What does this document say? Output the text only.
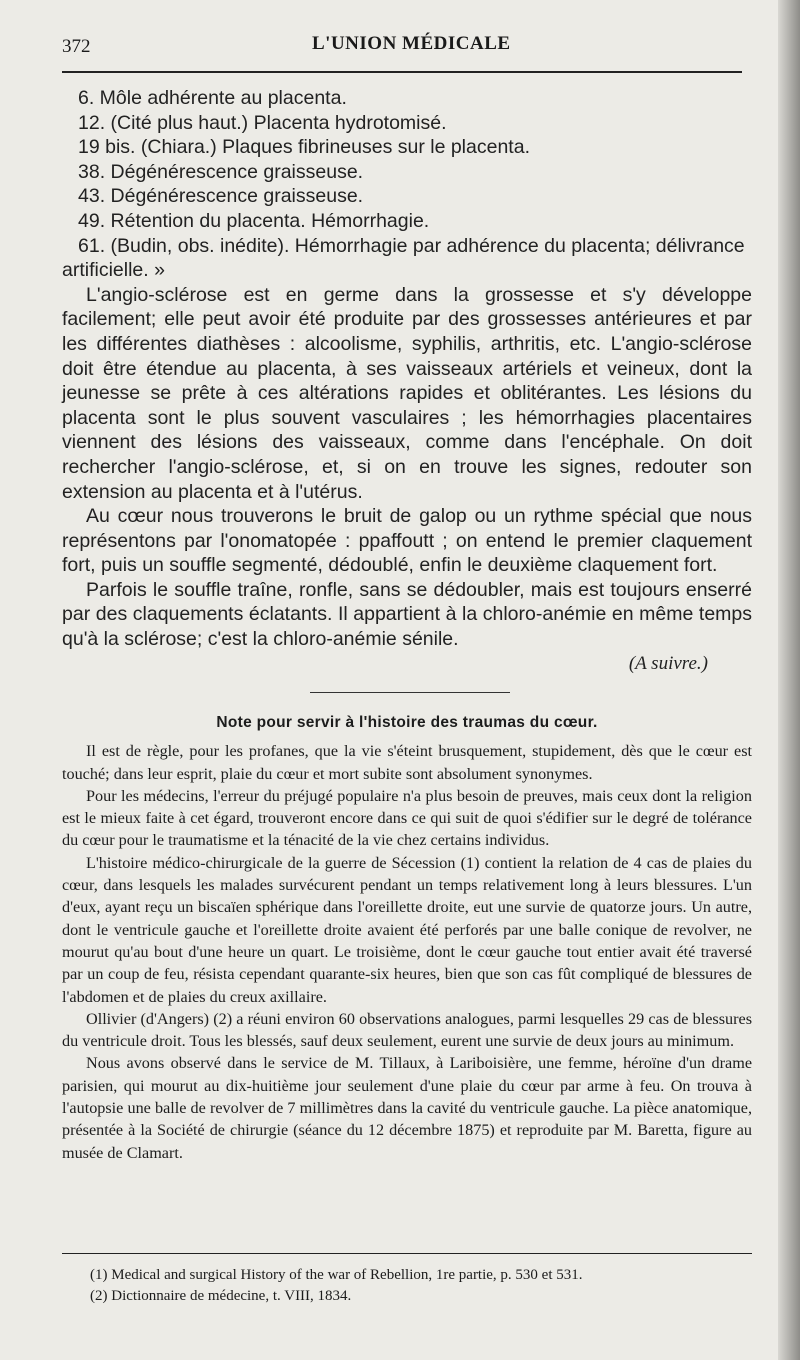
372	L'UNION MÉDICALE

6. Môle adhérente au placenta.

12. (Cité plus haut.) Placenta hydrotomisé.

19 bis. (Chiara.) Plaques fibrineuses sur le placenta.

38. Dégénérescence graisseuse.

43. Dégénérescence graisseuse.

49. Rétention du placenta. Hémorrhagie.

61. (Budin, obs. inédite). Hémorrhagie par adhérence du placenta; délivrance artificielle. »

L'angio-sclérose est en germe dans la grossesse et s'y développe facilement; elle peut avoir été produite par des grossesses antérieures et par les différentes diathèses : alcoolisme, syphilis, arthritis, etc. L'angio-sclérose doit être étendue au placenta, à ses vaisseaux artériels et veineux, dont la jeunesse se prête à ces altérations rapides et oblitérantes. Les lésions du placenta sont le plus souvent vasculaires ; les hémorrhagies placentaires viennent des lésions des vaisseaux, comme dans l'encéphale. On doit rechercher l'angio-sclérose, et, si on en trouve les signes, redouter son extension au placenta et à l'utérus.

Au cœur nous trouverons le bruit de galop ou un rythme spécial que nous représentons par l'onomatopée : ppaffoutt ; on entend le premier claquement fort, puis un souffle segmenté, dédoublé, enfin le deuxième claquement fort.

Parfois le souffle traîne, ronfle, sans se dédoubler, mais est toujours enserré par des claquements éclatants. Il appartient à la chloro-anémie en même temps qu'à la sclérose; c'est la chloro-anémie sénile.

(A suivre.)

Note pour servir à l'histoire des traumas du cœur.

Il est de règle, pour les profanes, que la vie s'éteint brusquement, stupidement, dès que le cœur est touché; dans leur esprit, plaie du cœur et mort subite sont absolument synonymes.

Pour les médecins, l'erreur du préjugé populaire n'a plus besoin de preuves, mais ceux dont la religion est le mieux faite à cet égard, trouveront encore dans ce qui suit de quoi s'édifier sur le degré de tolérance du cœur pour le traumatisme et la ténacité de la vie chez certains individus.

L'histoire médico-chirurgicale de la guerre de Sécession (1) contient la relation de 4 cas de plaies du cœur, dans lesquels les malades survécurent pendant un temps relativement long à leurs blessures. L'un d'eux, ayant reçu un biscaïen sphérique dans l'oreillette droite, eut une survie de quatorze jours. Un autre, dont le ventricule gauche et l'oreillette droite avaient été perforés par une balle conique de revolver, ne mourut qu'au bout d'une heure un quart. Le troisième, dont le cœur gauche tout entier avait été traversé par un coup de feu, résista cependant quarante-six heures, bien que son cas fût compliqué de blessures de l'abdomen et de plaies du creux axillaire.

Ollivier (d'Angers) (2) a réuni environ 60 observations analogues, parmi lesquelles 29 cas de blessures du ventricule droit. Tous les blessés, sauf deux seulement, eurent une survie de deux jours au minimum.

Nous avons observé dans le service de M. Tillaux, à Lariboisière, une femme, héroïne d'un drame parisien, qui mourut au dix-huitième jour seulement d'une plaie du cœur par arme à feu. On trouva à l'autopsie une balle de revolver de 7 millimètres dans la cavité du ventricule gauche. La pièce anatomique, présentée à la Société de chirurgie (séance du 12 décembre 1875) et reproduite par M. Baretta, figure au musée de Clamart.

(1) Medical and surgical History of the war of Rebellion, 1re partie, p. 530 et 531.

(2) Dictionnaire de médecine, t. VIII, 1834.
